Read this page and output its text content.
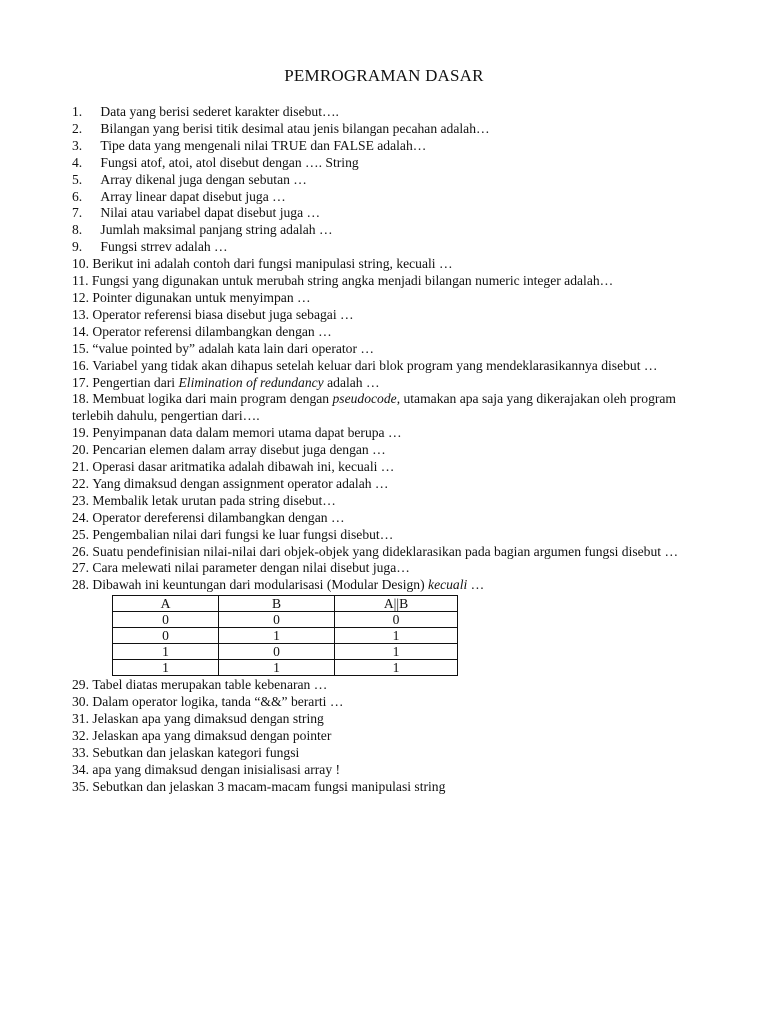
PEMROGRAMAN DASAR
1.
	Data yang berisi sederet karakter disebut….
2.
	Bilangan yang berisi titik desimal atau jenis bilangan pecahan adalah…
3.
	Tipe data yang mengenali nilai TRUE dan FALSE adalah…
4.
	Fungsi atof, atoi, atol disebut dengan …. String
5.
	Array dikenal juga dengan sebutan …
6.
	Array linear dapat disebut juga …
7.
	Nilai atau variabel dapat disebut juga …
8.
	Jumlah maksimal panjang string adalah …
9.
	Fungsi strrev adalah …
10.
Berikut ini adalah contoh dari fungsi manipulasi string, kecuali …
11.
Fungsi yang digunakan untuk merubah string angka menjadi bilangan numeric integer adalah…
12.
Pointer digunakan untuk menyimpan …
13.
Operator referensi biasa disebut juga sebagai …
14.
Operator referensi dilambangkan dengan …
15.
“value pointed by” adalah kata lain dari operator …
16. Variabel yang tidak akan dihapus setelah keluar dari blok program yang mendeklarasikannya disebut …
17.
Pengertian dari Elimination of redundancy adalah …
18. Membuat logika dari main program dengan pseudocode, utamakan apa saja yang dikerajakan oleh program terlebih dahulu, pengertian dari….
19.
Penyimpanan data dalam memori utama dapat berupa …
20.
Pencarian elemen dalam array disebut juga dengan …
21.
Operasi dasar aritmatika adalah dibawah ini, kecuali …
22.
Yang dimaksud dengan assignment operator adalah …
23.
Membalik letak urutan pada string disebut…
24.
Operator dereferensi dilambangkan dengan …
25.
Pengembalian nilai dari fungsi ke luar fungsi disebut…
26. Suatu pendefinisian nilai-nilai dari objek-objek yang dideklarasikan pada bagian argumen fungsi disebut …
27.
Cara melewati nilai parameter dengan nilai disebut juga…
28.
Dibawah ini keuntungan dari modularisasi (Modular Design) kecuali …
A	B	A||B
0	0	0
0	1	1
1	0	1
1	1	1
29.
Tabel diatas merupakan table kebenaran …
30.
Dalam operator logika, tanda “&&” berarti …
31.
Jelaskan apa yang dimaksud dengan string
32.
Jelaskan apa yang dimaksud dengan pointer
33.
Sebutkan dan jelaskan kategori fungsi
34.
apa yang dimaksud dengan inisialisasi array !
35.
Sebutkan dan jelaskan 3 macam-macam fungsi manipulasi string
